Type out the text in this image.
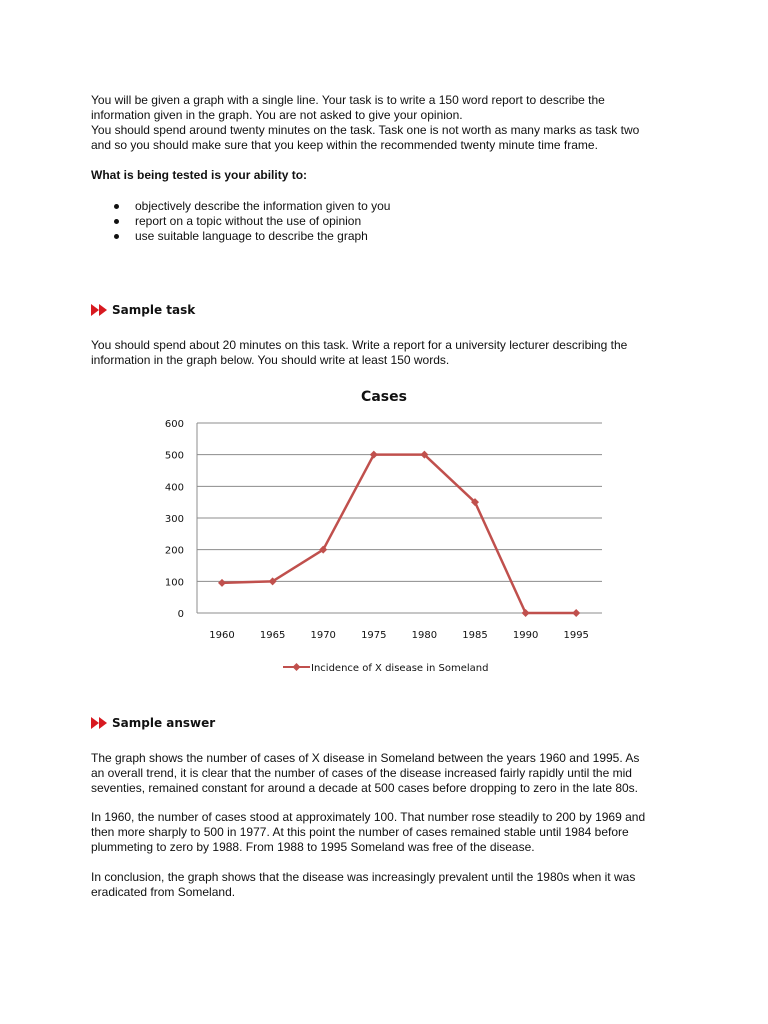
You will be given a graph with a single line. Your task is to write a 150 word report to describe the

information given in the graph. You are not asked to give your opinion.

You should spend around twenty minutes on the task. Task one is not worth as many marks as task two

and so you should make sure that you keep within the recommended twenty minute time frame.

What is being tested is your ability to:

objectively describe the information given to you
report on a topic without the use of opinion
use suitable language to describe the graph
Sample task

You should spend about 20 minutes on this task. Write a report for a university lecturer describing the

information in the graph below. You should write at least 150 words.

Cases
0
100
200
300
400
500
600
1960	1965	1970	1975	1980	1985	1990	1995
Incidence of X disease in Someland
Sample answer

The graph shows the number of cases of X disease in Someland between the years 1960 and 1995. As

an overall trend, it is clear that the number of cases of the disease increased fairly rapidly until the mid

seventies, remained constant for around a decade at 500 cases before dropping to zero in the late 80s.

In 1960, the number of cases stood at approximately 100. That number rose steadily to 200 by 1969 and

then more sharply to 500 in 1977. At this point the number of cases remained stable until 1984 before

plummeting to zero by 1988. From 1988 to 1995 Someland was free of the disease.

In conclusion, the graph shows that the disease was increasingly prevalent until the 1980s when it was

eradicated from Someland.
